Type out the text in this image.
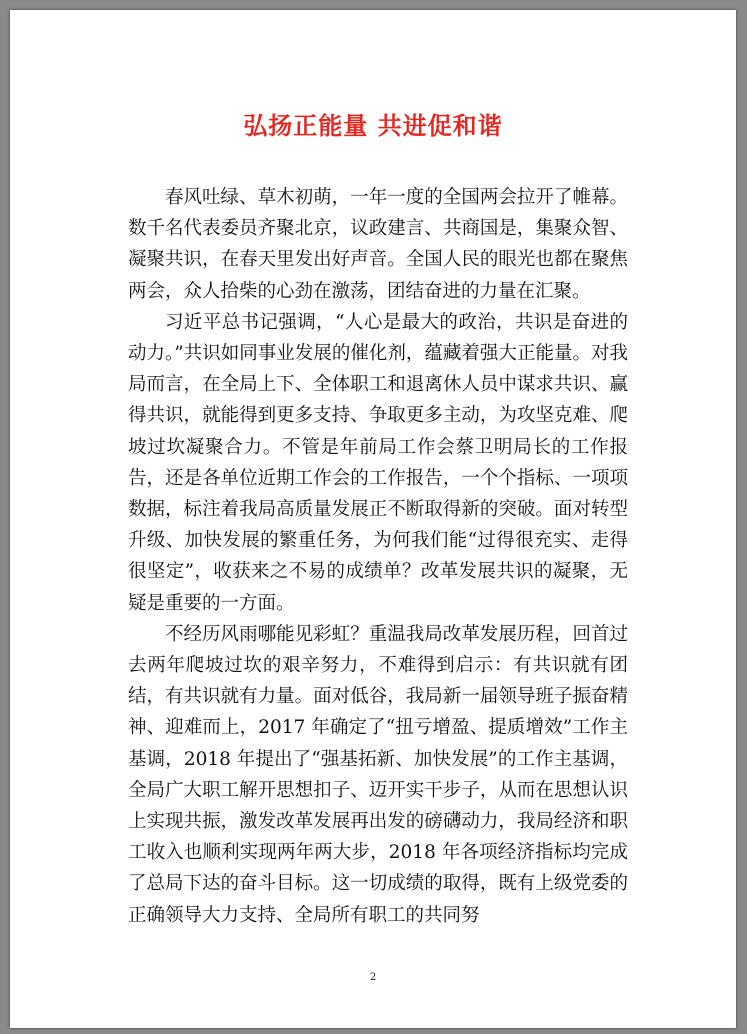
弘扬正能量 共进促和谐

春风吐绿、草木初萌，一年一度的全国两会拉开了帷幕。数千名代表委员齐聚北京，议政建言、共商国是，集聚众智、凝聚共识，在春天里发出好声音。全国人民的眼光也都在聚焦两会，众人拾柴的心劲在激荡，团结奋进的力量在汇聚。

习近平总书记强调，“人心是最大的政治，共识是奋进的动力。”共识如同事业发展的催化剂，蕴藏着强大正能量。对我局而言，在全局上下、全体职工和退离休人员中谋求共识、赢得共识，就能得到更多支持、争取更多主动，为攻坚克难、爬坡过坎凝聚合力。不管是年前局工作会蔡卫明局长的工作报告，还是各单位近期工作会的工作报告，一个个指标、一项项数据，标注着我局高质量发展正不断取得新的突破。面对转型升级、加快发展的繁重任务，为何我们能“过得很充实、走得很坚定”，收获来之不易的成绩单？改革发展共识的凝聚，无疑是重要的一方面。

不经历风雨哪能见彩虹？重温我局改革发展历程，回首过去两年爬坡过坎的艰辛努力，不难得到启示：有共识就有团结，有共识就有力量。面对低谷，我局新一届领导班子振奋精神、迎难而上，2017 年确定了“扭亏增盈、提质增效”工作主基调，2018 年提出了“强基拓新、加快发展”的工作主基调，全局广大职工解开思想扣子、迈开实干步子，从而在思想认识上实现共振，激发改革发展再出发的磅礴动力，我局经济和职工收入也顺利实现两年两大步，2018 年各项经济指标均完成了总局下达的奋斗目标。这一切成绩的取得，既有上级党委的正确领导大力支持、全局所有职工的共同努

2
